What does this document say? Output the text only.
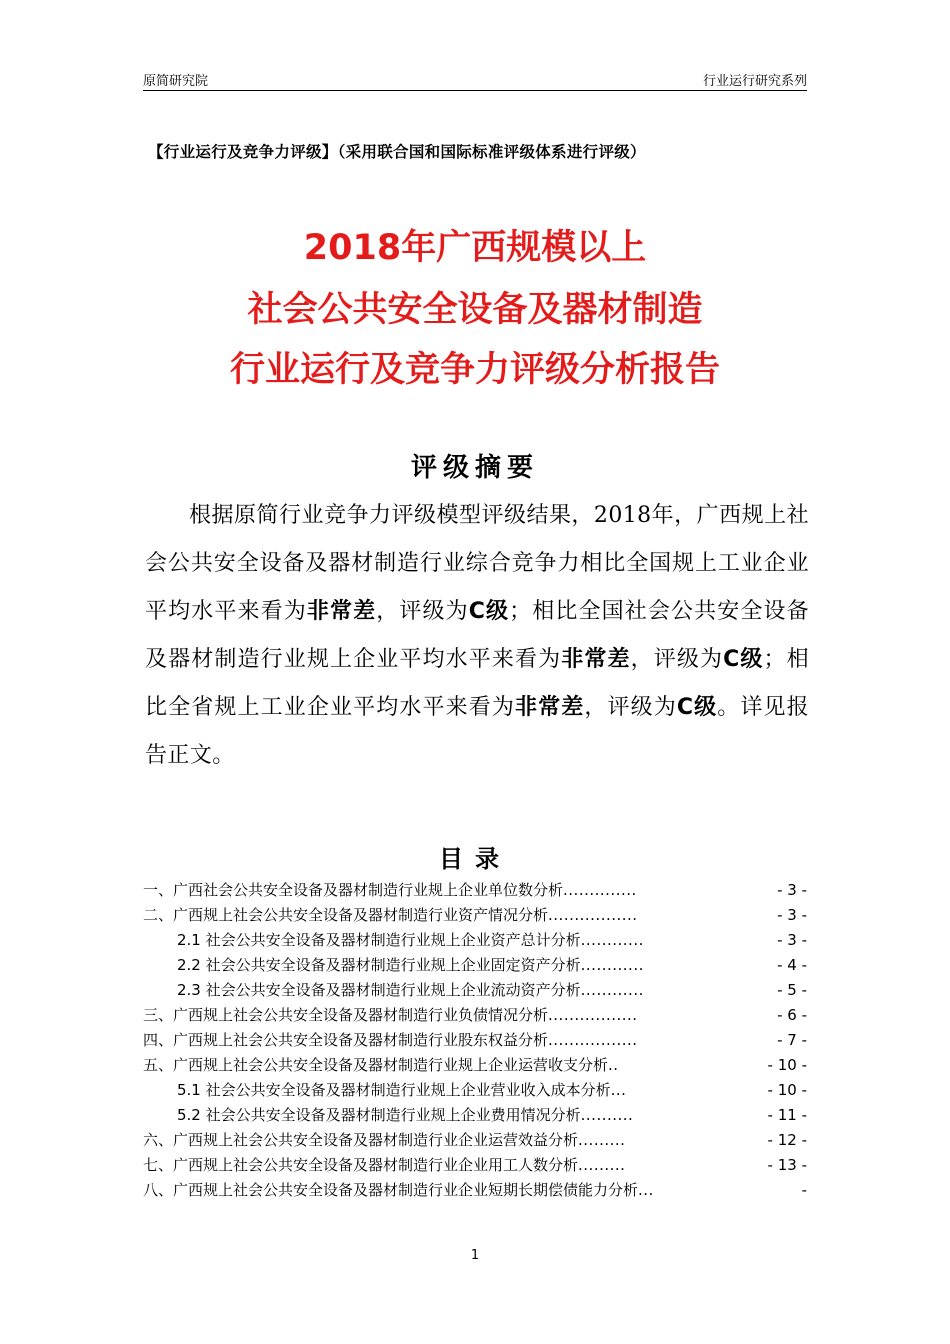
原简研究院	行业运行研究系列
【行业运行及竞争力评级】（采用联合国和国际标准评级体系进行评级）
2018年广西规模以上
社会公共安全设备及器材制造
行业运行及竞争力评级分析报告
评级摘要
根据原简行业竞争力评级模型评级结果，2018年，广西规上社会公共安全设备及器材制造行业综合竞争力相比全国规上工业企业平均水平来看为非常差，评级为C级；相比全国社会公共安全设备及器材制造行业规上企业平均水平来看为非常差，评级为C级；相比全省规上工业企业平均水平来看为非常差，评级为C级。详见报告正文。
目录
一、广西社会公共安全设备及器材制造行业规上企业单位数分析..............	- 3 -
二、广西规上社会公共安全设备及器材制造行业资产情况分析.................	- 3 -
2.1 社会公共安全设备及器材制造行业规上企业资产总计分析............	- 3 -
2.2 社会公共安全设备及器材制造行业规上企业固定资产分析............	- 4 -
2.3 社会公共安全设备及器材制造行业规上企业流动资产分析............	- 5 -
三、广西规上社会公共安全设备及器材制造行业负债情况分析.................	- 6 -
四、广西规上社会公共安全设备及器材制造行业股东权益分析.................	- 7 -
五、广西规上社会公共安全设备及器材制造行业规上企业运营收支分析..	- 10 -
5.1 社会公共安全设备及器材制造行业规上企业营业收入成本分析...	- 10 -
5.2 社会公共安全设备及器材制造行业规上企业费用情况分析..........	- 11 -
六、广西规上社会公共安全设备及器材制造行业企业运营效益分析.........	- 12 -
七、广西规上社会公共安全设备及器材制造行业企业用工人数分析.........	- 13 -
八、广西规上社会公共安全设备及器材制造行业企业短期长期偿债能力分析...	-
1
